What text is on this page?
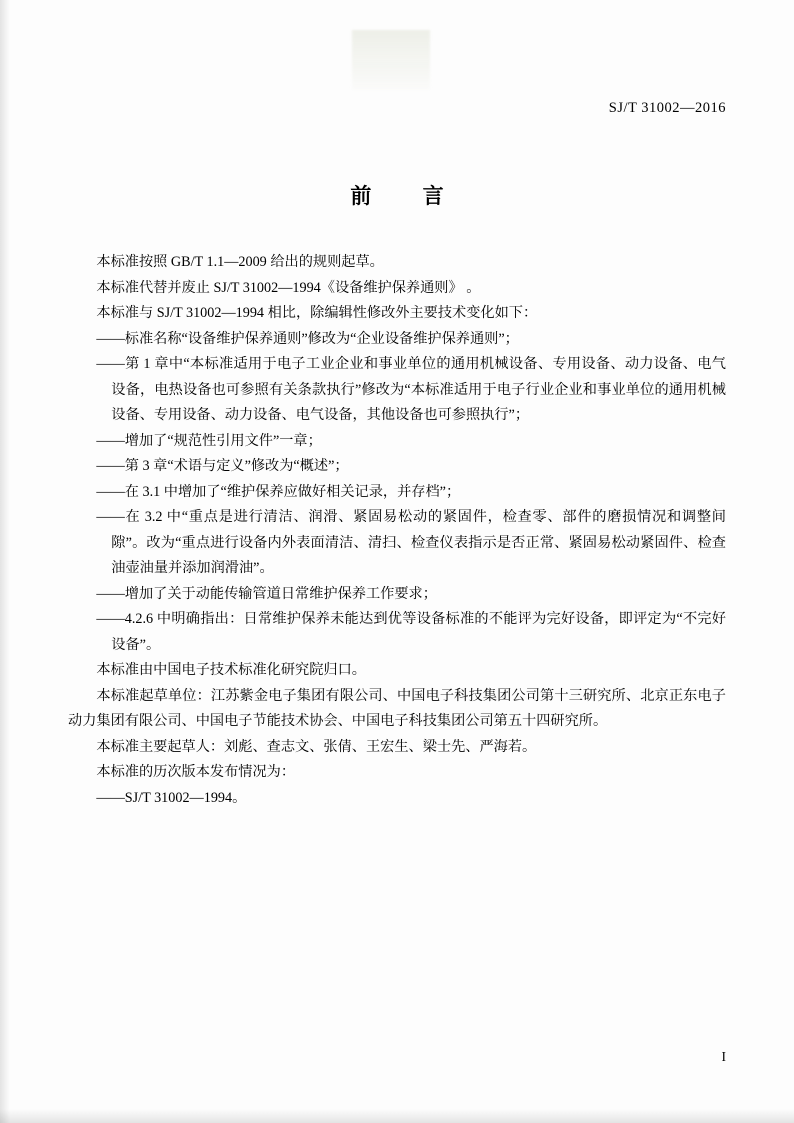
SJ/T 31002—2016
前 言

本标准按照 GB/T 1.1—2009 给出的规则起草。

本标准代替并废止 SJ/T 31002—1994《设备维护保养通则》 。

本标准与 SJ/T 31002—1994 相比，除编辑性修改外主要技术变化如下：

——标准名称“设备维护保养通则”修改为“企业设备维护保养通则”；

——第 1 章中“本标准适用于电子工业企业和事业单位的通用机械设备、专用设备、动力设备、电气设备，电热设备也可参照有关条款执行”修改为“本标准适用于电子行业企业和事业单位的通用机械设备、专用设备、动力设备、电气设备，其他设备也可参照执行”；

——增加了“规范性引用文件”一章；

——第 3 章“术语与定义”修改为“概述”；

——在 3.1 中增加了“维护保养应做好相关记录，并存档”；

——在 3.2 中“重点是进行清洁、润滑、紧固易松动的紧固件，检查零、部件的磨损情况和调整间隙”。改为“重点进行设备内外表面清洁、清扫、检查仪表指示是否正常、紧固易松动紧固件、检查油壶油量并添加润滑油”。

——增加了关于动能传输管道日常维护保养工作要求；

——4.2.6 中明确指出：日常维护保养未能达到优等设备标准的不能评为完好设备，即评定为“不完好设备”。

本标准由中国电子技术标准化研究院归口。

本标准起草单位：江苏紫金电子集团有限公司、中国电子科技集团公司第十三研究所、北京正东电子动力集团有限公司、中国电子节能技术协会、中国电子科技集团公司第五十四研究所。

本标准主要起草人：刘彪、查志文、张倩、王宏生、梁士先、严海若。

本标准的历次版本发布情况为：

——SJ/T 31002—1994。

I
